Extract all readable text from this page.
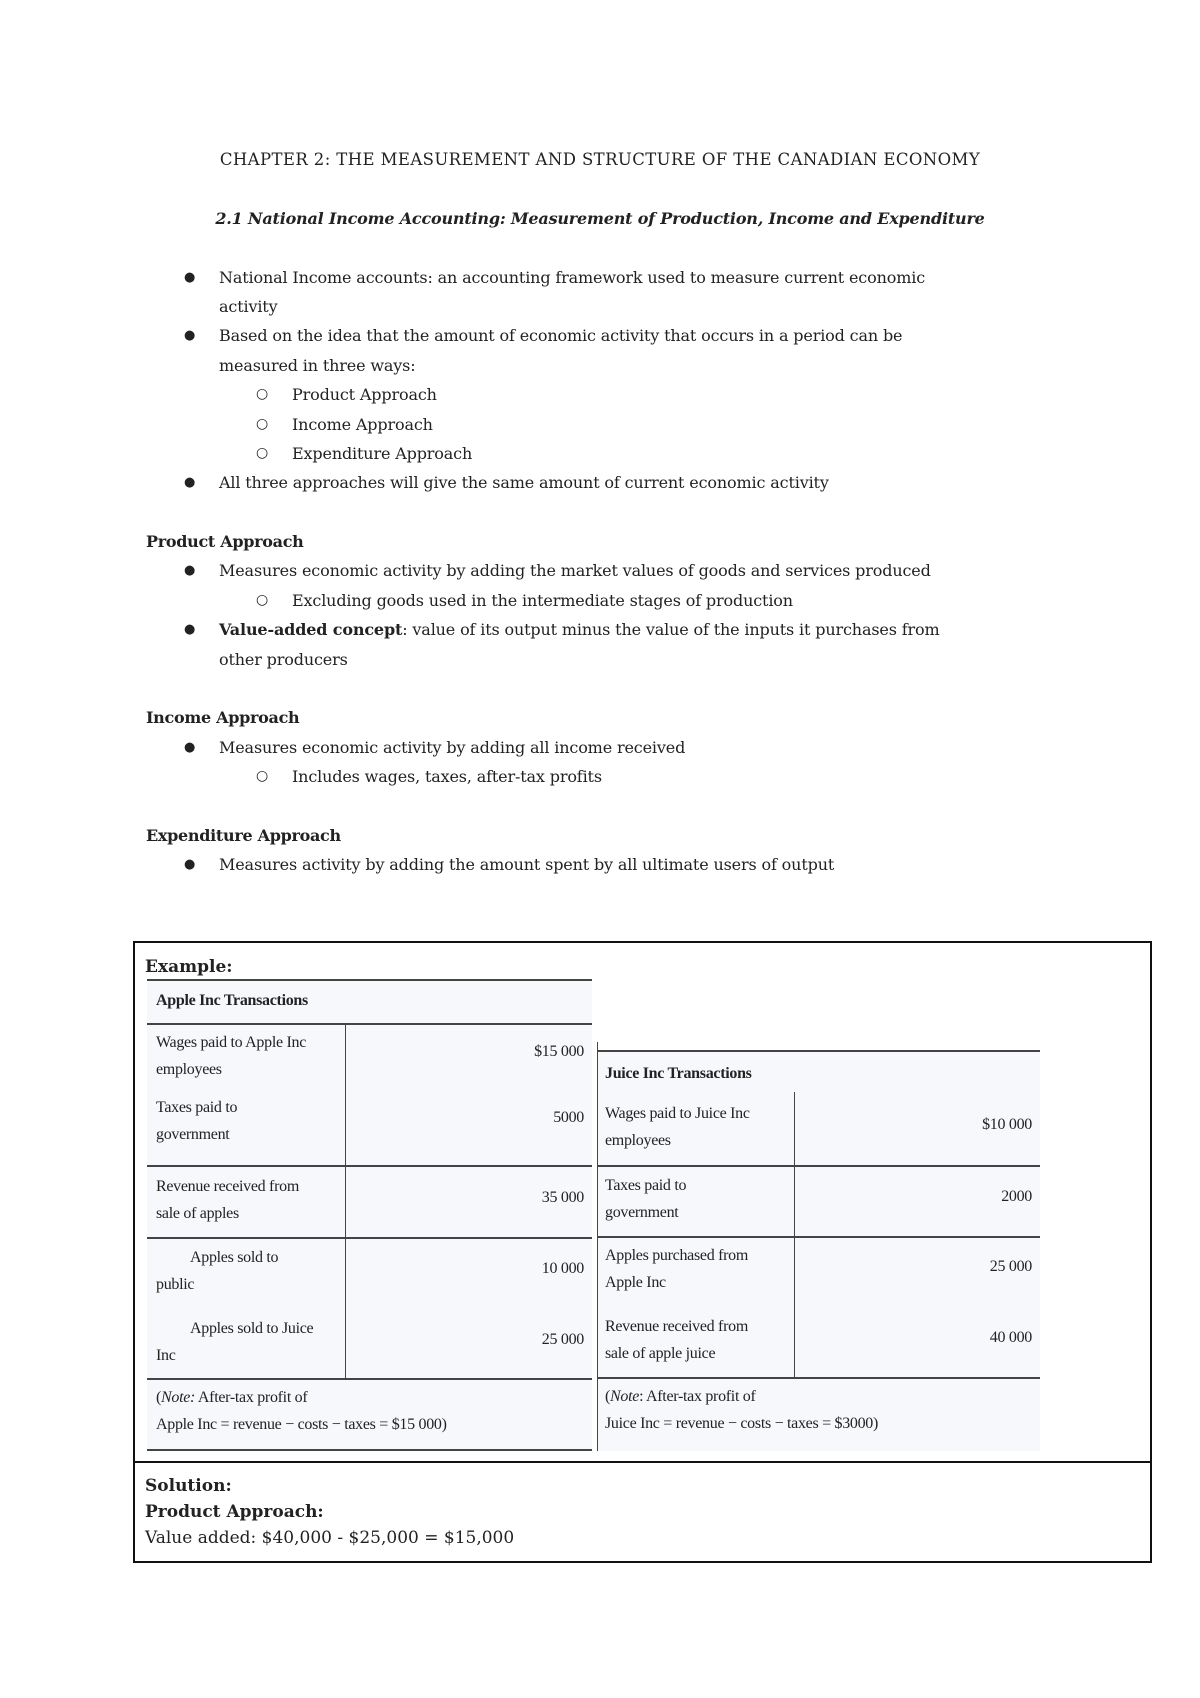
CHAPTER 2: THE MEASUREMENT AND STRUCTURE OF THE CANADIAN ECONOMY
2.1 National Income Accounting: Measurement of Production, Income and Expenditure
● National Income accounts: an accounting framework used to measure current economic
activity
● Based on the idea that the amount of economic activity that occurs in a period can be
measured in three ways:
○ Product Approach
○ Income Approach
○ Expenditure Approach
● All three approaches will give the same amount of current economic activity
Product Approach
● Measures economic activity by adding the market values of goods and services produced
○ Excluding goods used in the intermediate stages of production
● Value-added concept: value of its output minus the value of the inputs it purchases from
other producers
Income Approach
● Measures economic activity by adding all income received
○ Includes wages, taxes, after-tax profits
Expenditure Approach
● Measures activity by adding the amount spent by all ultimate users of output
Example:
Solution:
Product Approach:
Value added: $40,000 - $25,000 = $15,000
Apple Inc Transactions
Wages paid to Apple Inc
employees
$15 000
Taxes paid to
government
5000
Revenue received from
sale of apples
35 000
Apples sold to
public
10 000
Apples sold to Juice
Inc
25 000
(Note: After-tax profit of
Apple Inc = revenue − costs − taxes = $15 000)
Juice Inc Transactions
Wages paid to Juice Inc
employees
$10 000
Taxes paid to
government
2000
Apples purchased from
Apple Inc
25 000
Revenue received from
sale of apple juice
40 000
(Note: After-tax profit of
Juice Inc = revenue − costs − taxes = $3000)
